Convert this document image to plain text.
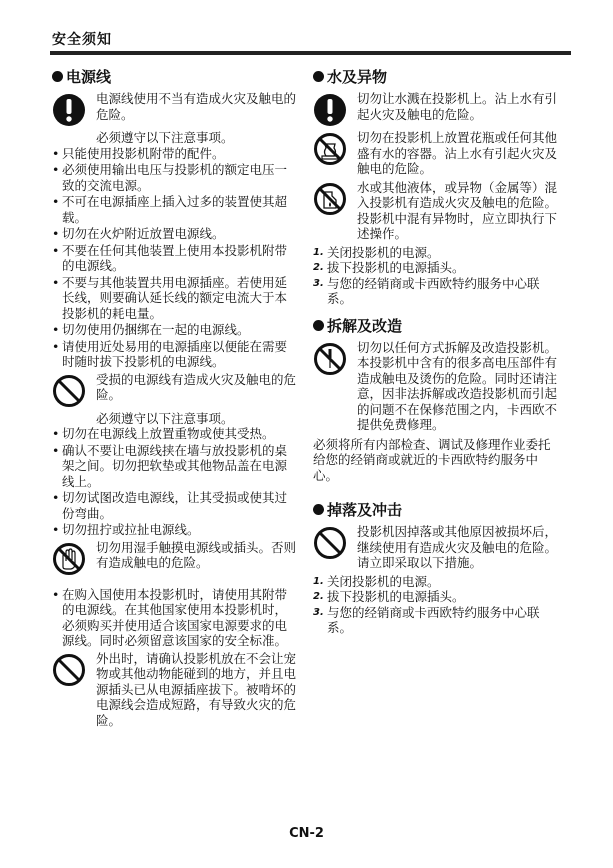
安全须知
电源线
电源线使用不当有造成火灾及触电的危险。
必须遵守以下注意事项。
• 只能使用投影机附带的配件。
• 必须使用输出电压与投影机的额定电压一致的交流电源。
• 不可在电源插座上插入过多的装置使其超载。
• 切勿在火炉附近放置电源线。
• 不要在任何其他装置上使用本投影机附带的电源线。
• 不要与其他装置共用电源插座。若使用延长线，则要确认延长线的额定电流大于本投影机的耗电量。
• 切勿使用仍捆绑在一起的电源线。
• 请使用近处易用的电源插座以便能在需要时随时拔下投影机的电源线。
受损的电源线有造成火灾及触电的危险。
必须遵守以下注意事项。
• 切勿在电源线上放置重物或使其受热。
• 确认不要让电源线挟在墙与放投影机的桌架之间。切勿把软垫或其他物品盖在电源线上。
• 切勿试图改造电源线，让其受损或使其过份弯曲。
• 切勿扭拧或拉扯电源线。
切勿用湿手触摸电源线或插头。否则有造成触电的危险。
• 在购入国使用本投影机时，请使用其附带的电源线。在其他国家使用本投影机时，必须购买并使用适合该国家电源要求的电源线。同时必须留意该国家的安全标准。
外出时，请确认投影机放在不会让宠物或其他动物能碰到的地方，并且电源插头已从电源插座拔下。被啃坏的电源线会造成短路，有导致火灾的危险。
水及异物
切勿让水溅在投影机上。沾上水有引起火灾及触电的危险。
切勿在投影机上放置花瓶或任何其他盛有水的容器。沾上水有引起火灾及触电的危险。
水或其他液体，或异物（金属等）混入投影机有造成火灾及触电的危险。投影机中混有异物时，应立即执行下述操作。
1. 关闭投影机的电源。
2. 拔下投影机的电源插头。
3. 与您的经销商或卡西欧特约服务中心联系。
拆解及改造
切勿以任何方式拆解及改造投影机。本投影机中含有的很多高电压部件有造成触电及烫伤的危险。同时还请注意，因非法拆解或改造投影机而引起的问题不在保修范围之内，卡西欧不提供免费修理。
必须将所有内部检查、调试及修理作业委托给您的经销商或就近的卡西欧特约服务中心。
掉落及冲击
投影机因掉落或其他原因被损坏后，继续使用有造成火灾及触电的危险。请立即采取以下措施。
1. 关闭投影机的电源。
2. 拔下投影机的电源插头。
3. 与您的经销商或卡西欧特约服务中心联系。
CN-2
